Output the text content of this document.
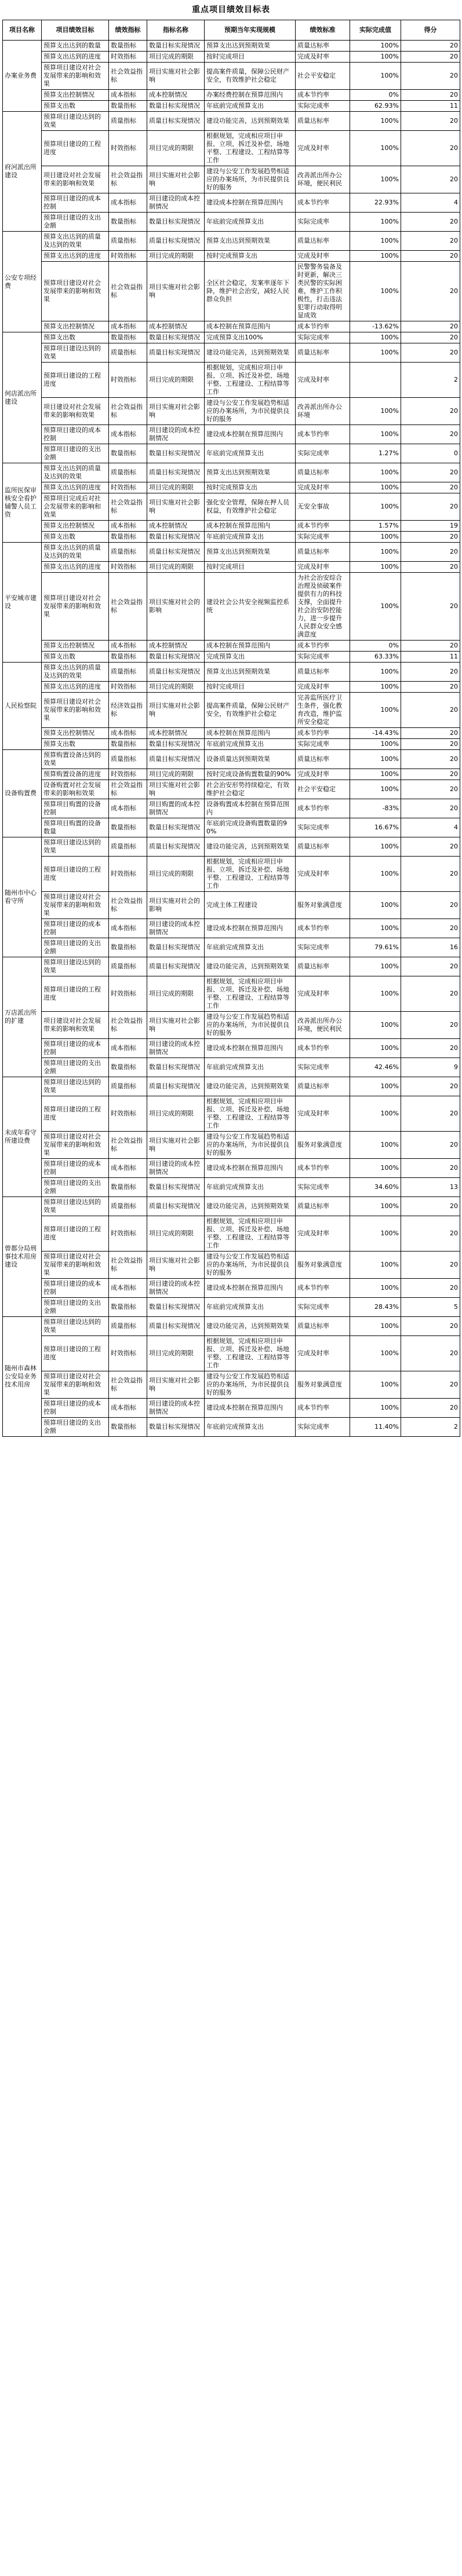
重点项目绩效目标表
项目名称	项目绩效目标	绩效指标	指标名称	预期当年实现规模	绩效标准	实际完成值	得分
办案业务费	预算支出达到的数量	数量指标	数量目标实现情况	预算支出达到预期效果	质量达标率	100%	20
	预算支出达到的进度	时效指标	项目完成的期限	按时完成项目	完成及时率	100%	20
	预算项目建设对社会发展带来的影响和效果	社会效益指标	项目实施对社会影响	提高案件质量，保障公民财产安全，有效维护社会稳定	社会平安稳定	100%	20
	预算支出控制情况	成本指标	成本控制情况	办案经费控制在预算范围内	成本节约率	0%	20
	预算支出数	数量指标	数量目标实现情况	年底前完成预算支出	实际完成率	62.93%	11
府河派出所建设	预算项目建设达到的效果	质量指标	质量目标实现情况	建设功能完善，达到预期效果	质量达标率	100%	20
	预算项目建设的工程进度	时效指标	项目完成的期限	根据规划，完成相应项目申报、立项、拆迁及补偿、场地平整、工程建设、工程结算等工作	完成及时率	100%	20
	项目建设对社会发展带来的影响和效果	社会效益指标	项目实施对社会影响	建设与公安工作发展趋势相适应的办案场所，为市民提供良好的服务	改善派出所办公环境，便民利民	100%	20
	预算项目建设的成本控制	成本指标	项目建设的成本控制情况	建设成本控制在预算范围内	成本节约率	22.93%	4
	预算项目建设的支出金额	数量指标	数量目标实现情况	年底前完成预算支出	实际完成率	100%	20
公安专项经费	预算支出达到的质量及达到的效果	质量指标	质量目标实现情况	预算支出达到预期效果	质量达标率	100%	20
	预算支出达到的进度	时效指标	项目完成的期限	按时完成预算支出	完成及时率	100%	20
	预算项目建设对社会发展带来的影响和效果	社会效益指标	项目实施对社会影响	全区社会稳定，发案率逐年下降，维护社会治安，减轻人民群众负担	民警警务装备及时更新，解决三类民警的实际困难，维护工作积极性，打击违法犯罪行动取得明显成效	100%	20
	预算支出控制情况	成本指标	成本控制情况	成本控制在预算范围内	成本节约率	-13.62%	20
何店派出所建设	预算支出数	数量指标	数量目标实现情况	完成预算支出100%	实际完成率	100%	20
	预算项目建设达到的效果	质量指标	质量目标实现情况	建设功能完善，达到预期效果	质量达标率	100%	20
	预算项目建设的工程进度	时效指标	项目完成的期限	根据规划，完成相应项目申报、立项、拆迁及补偿、场地平整、工程建设、工程结算等工作	完成及时率		2
	项目建设对社会发展带来的影响和效果	社会效益指标	项目实施对社会影响	建设与公安工作发展趋势相适应的办案场所，为市民提供良好的服务	改善派出所办公环境	100%	20
	预算项目建设的成本控制	成本指标	项目建设的成本控制情况	建设成本控制在预算范围内	成本节约率	100%	20
	预算项目建设的支出金额	数量指标	数量目标实现情况	年底前完成预算支出	实际完成率	1.27%	0
监所医保审核安全看护辅警人员工资	预算支出达到的质量及达到的效果	质量指标	质量目标实现情况	预算支出达到预期效果	质量达标率	100%	20
	预算支出达到的进度	时效指标	项目完成的期限	按时完成预算支出	完成及时率	100%	20
	预算项目完成后对社会发展带来的影响和效果	社会效益指标	项目实施对社会影响	强化安全管理，保障在押人员权益，有效维护社会稳定	无安全事故	100%	20
	预算支出控制情况	成本指标	成本控制情况	成本控制在预算范围内	成本节约率	1.57%	19
	预算支出数	数量指标	数量目标实现情况	年底前完成预算支出	实际完成率	100%	20
平安城市建设	预算支出达到的质量及达到的效果	质量指标	质量目标实现情况	预算支出达到预期效果	质量达标率	100%	20
	预算支出达到的进度	时效指标	项目完成的期限	按时完成项目	完成及时率	100%	20
	预算项目建设对社会发展带来的影响和效果	社会效益指标	项目实施对社会的影响	建设社会公共安全视频监控系统	为社会治安综合治理及侦破案件提供有力的科技支撑，全面提升社会治安防控能力，进一步提升人民群众安全感满意度	100%	20
	预算支出控制情况	成本指标	成本控制情况	成本控制在预算范围内	成本节约率	0%	20
	预算支出数	数量指标	数量目标实现情况	完成预算支出	实际完成率	63.33%	11
人民检察院	预算支出达到的质量及达到的效果	质量指标	质量目标实现情况	预算支出达到预期效果	质量达标率	100%	20
	预算支出达到的进度	时效指标	项目完成的期限	按时完成项目	完成及时率	100%	20
	预算项目建设对社会发展带来的影响和效果	经济效益指标	项目实施对社会影响	提高案件质量，保障公民财产安全，有效维护社会稳定	完善监所医疗卫生条件，强化教育改造，维护监所安全稳定	100%	20
	预算支出控制情况	成本指标	成本控制情况	成本控制在预算范围内	成本节约率	-14.43%	20
	预算支出数	数量指标	数量目标实现情况	年底前完成预算支出	实际完成率	100%	20
设备购置费	预算购置设备达到的效果	质量指标	质量目标实现情况	设备质量达到预期效果	质量达标率	100%	20
	预算购置设备的进度	时效指标	项目完成的期限	按时完成设备购置数量的90%	完成及时率	100%	20
	设备购置对社会发展带来的影响和效果	社会效益指标	项目实施对社会影响	社会治安形势持续稳定，有效维护社会稳定	社会平安稳定	100%	20
	预算项目购置的设备控制	成本指标	项目购置的成本控制情况	设备购置成本控制在预算范围内	成本节约率	-83%	20
	预算项目购置的设备数量	数量指标	数量目标实现情况	年底前完成设备购置数量的90%	实际完成率	16.67%	4
随州市中心看守所	预算项目建设达到的效果	质量指标	质量目标实现情况	建设功能完善，达到预期效果	质量达标率	100%	20
	预算项目建设的工程进度	时效指标	项目完成的期限	根据规划，完成相应项目申报、立项、拆迁及补偿、场地平整、工程建设、工程结算等工作	完成及时率	100%	20
	预算项目建设对社会发展带来的影响和效果	社会效益指标	项目实施对社会的影响	完成主体工程建设	服务对象满意度	100%	20
	预算项目建设的成本控制	成本指标	项目建设的成本控制情况	建设成本控制在预算范围内	成本节约率	100%	20
	预算项目建设的支出金额	数量指标	数量目标实现情况	年底前完成预算支出	实际完成率	79.61%	16
万店派出所的扩建	预算项目建设达到的效果	质量指标	质量目标实现情况	建设功能完善，达到预期效果	质量达标率	100%	20
	预算项目建设的工程进度	时效指标	项目完成的期限	根据规划，完成相应项目申报、立项、拆迁及补偿、场地平整、工程建设、工程结算等工作	完成及时率	100%	20
	项目建设对社会发展带来的影响和效果	社会效益指标	项目实施对社会影响	建设与公安工作发展趋势相适应的办案场所，为市民提供良好的服务	改善派出所办公环境，便民利民	100%	20
	预算项目建设的成本控制	成本指标	项目建设的成本控制情况	建设成本控制在预算范围内	成本节约率	100%	20
	预算项目建设的支出金额	数量指标	数量目标实现情况	年底前完成预算支出	实际完成率	42.46%	9
未成年看守所建设费	预算项目建设达到的效果	质量指标	质量目标实现情况	建设功能完善，达到预期效果	质量达标率	100%	20
	预算项目建设的工程进度	时效指标	项目完成的期限	根据规划，完成相应项目申报、立项、拆迁及补偿、场地平整、工程建设、工程结算等工作	完成及时率	100%	20
	预算项目建设对社会发展带来的影响和效果	社会效益指标	项目实施对社会影响	建设与公安工作发展趋势相适应的办案场所，为市民提供良好的服务	服务对象满意度	100%	20
	预算项目建设的成本控制	成本指标	项目建设的成本控制情况	建设成本控制在预算范围内	成本节约率	100%	20
	预算项目建设的支出金额	数量指标	数量目标实现情况	年底前完成预算支出	实际完成率	34.60%	13
曾都分局刑事技术用房建设	预算项目建设达到的效果	质量指标	质量目标实现情况	建设功能完善，达到预期效果	质量达标率	100%	20
	预算项目建设的工程进度	时效指标	项目完成的期限	根据规划，完成相应项目申报、立项、拆迁及补偿、场地平整、工程建设、工程结算等工作	完成及时率	100%	20
	预算项目建设对社会发展带来的影响和效果	社会效益指标	项目实施对社会影响	建设与公安工作发展趋势相适应的办案场所，为市民提供良好的服务	服务对象满意度	100%	20
	预算项目建设的成本控制	成本指标	项目建设的成本控制情况	建设成本控制在预算范围内	成本节约率	100%	20
	预算项目建设的支出金额	数量指标	数量目标实现情况	年底前完成预算支出	实际完成率	28.43%	5
随州市森林公安局业务技术用房	预算项目建设达到的效果	质量指标	质量目标实现情况	建设功能完善，达到预期效果	质量达标率	100%	20
	预算项目建设的工程进度	时效指标	项目完成的期限	根据规划，完成相应项目申报、立项、拆迁及补偿、场地平整、工程建设、工程结算等工作	完成及时率	100%	20
	预算项目建设对社会发展带来的影响和效果	社会效益指标	项目实施对社会影响	建设与公安工作发展趋势相适应的办案场所，为市民提供良好的服务	服务对象满意度	100%	20
	预算项目建设的成本控制	成本指标	项目建设的成本控制情况	建设成本控制在预算范围内	成本节约率	100%	20
	预算项目建设的支出金额	数量指标	数量目标实现情况	年底前完成预算支出	实际完成率	11.40%	2
